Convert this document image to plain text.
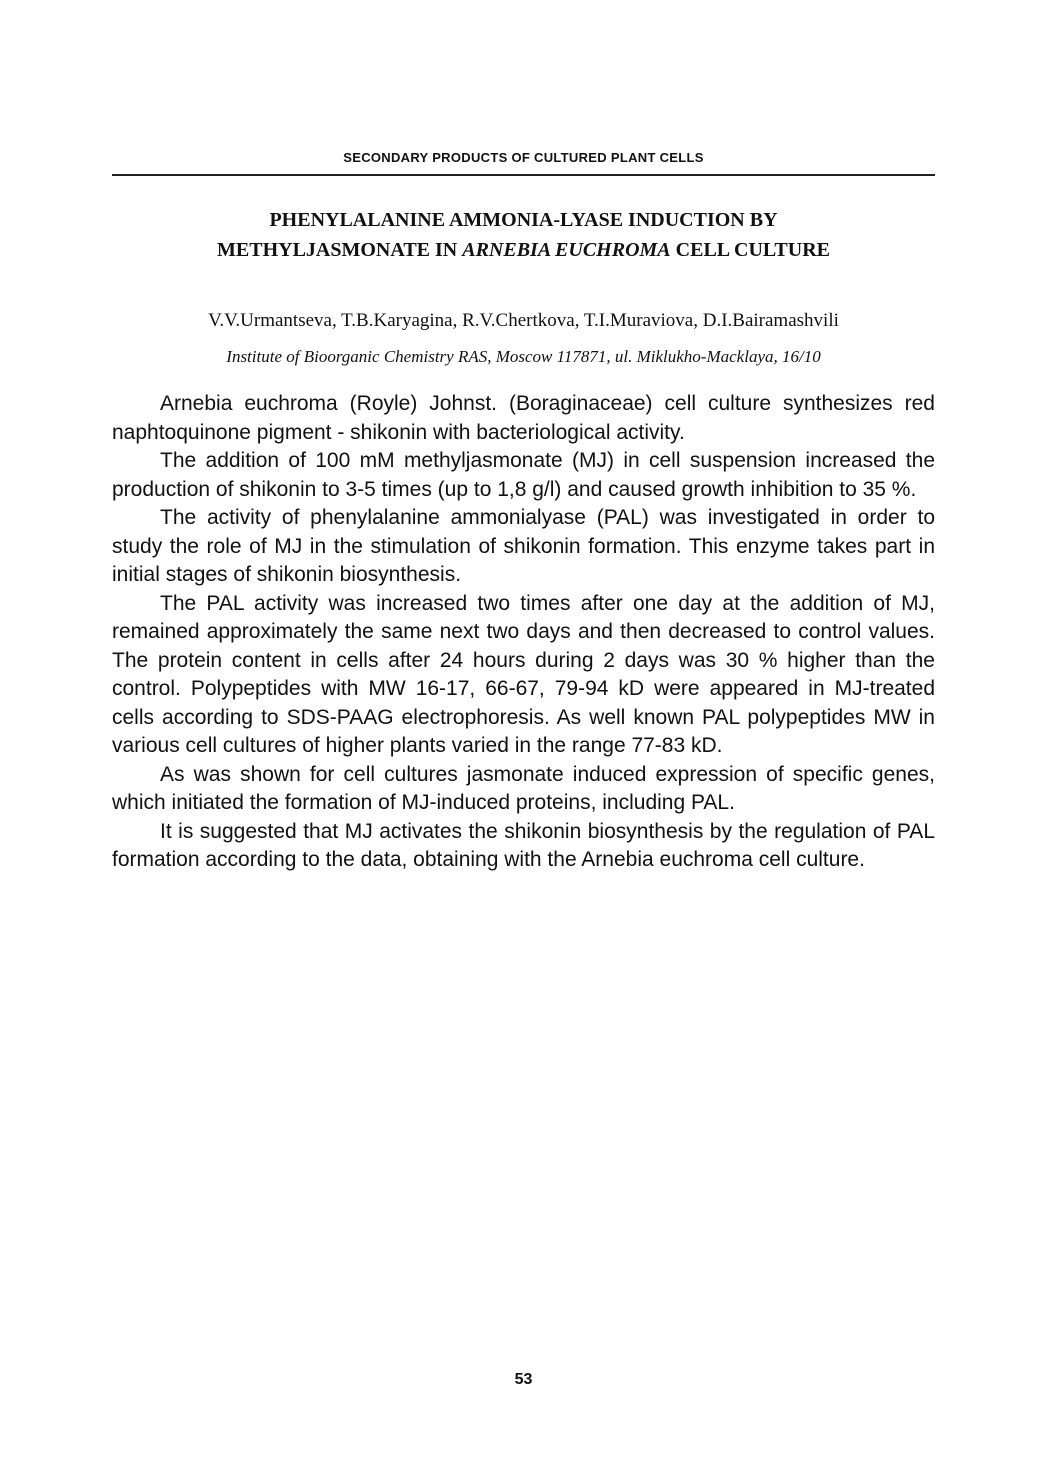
SECONDARY PRODUCTS OF CULTURED PLANT CELLS
PHENYLALANINE AMMONIA-LYASE INDUCTION BY
METHYLJASMONATE IN ARNEBIA EUCHROMA CELL CULTURE
V.V.Urmantseva, T.B.Karyagina, R.V.Chertkova, T.I.Muraviova, D.I.Bairamashvili
Institute of Bioorganic Chemistry RAS, Moscow 117871, ul. Miklukho-Macklaya, 16/10

Arnebia euchroma (Royle) Johnst. (Boraginaceae) cell culture synthesizes red naphtoquinone pigment - shikonin with bacteriological activity.

The addition of 100 mM methyljasmonate (MJ) in cell suspension increased the production of shikonin to 3-5 times (up to 1,8 g/l) and caused growth inhibition to 35 %.

The activity of phenylalanine ammonialyase (PAL) was investigated in order to study the role of MJ in the stimulation of shikonin formation. This enzyme takes part in initial stages of shikonin biosynthesis.

The PAL activity was increased two times after one day at the addition of MJ, remained approximately the same next two days and then decreased to control values. The protein content in cells after 24 hours during 2 days was 30 % higher than the control. Polypeptides with MW 16-17, 66-67, 79-94 kD were appeared in MJ-treated cells according to SDS-PAAG electrophoresis. As well known PAL polypeptides MW in various cell cultures of higher plants varied in the range 77-83 kD.

As was shown for cell cultures jasmonate induced expression of specific genes, which initiated the formation of MJ-induced proteins, including PAL.

It is suggested that MJ activates the shikonin biosynthesis by the regulation of PAL formation according to the data, obtaining with the Arnebia euchroma cell culture.

53
